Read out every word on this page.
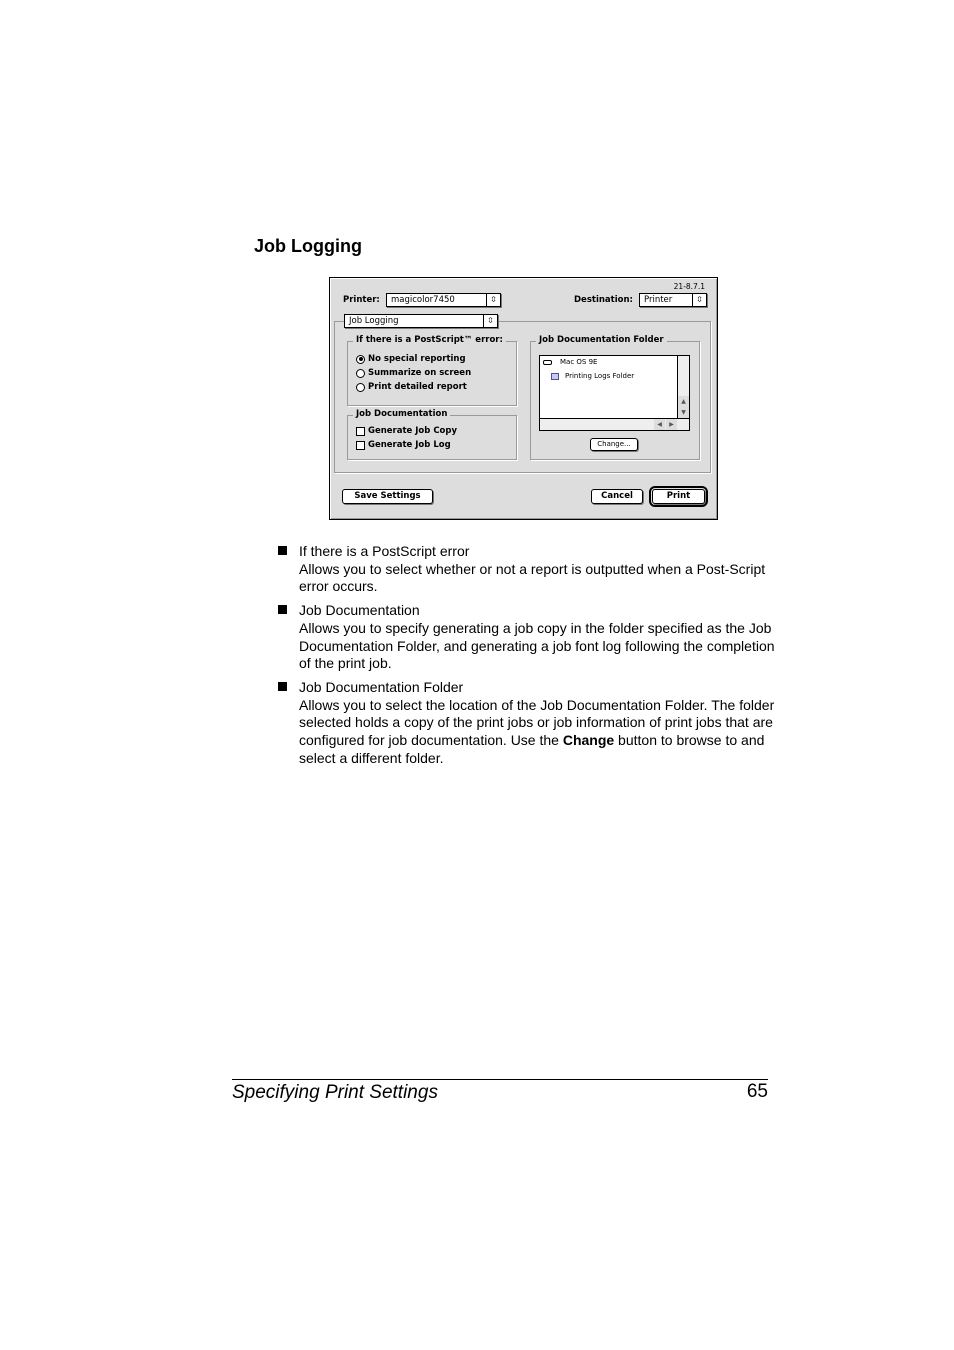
Job Logging
21-8.7.1
Printer:	magicolor7450	⇳	Destination:	Printer	⇳
Job Logging	⇳
If there is a PostScript™ error:
No special reporting
Summarize on screen
Print detailed report
Job Documentation
Generate Job Copy
Generate Job Log
Job Documentation Folder
Mac OS 9E
Printing Logs Folder
▲
▼
◀	▶
Change...
Save Settings	Cancel	Print

If there is a PostScript error

Allows you to select whether or not a report is outputted when a Post-Script error occurs.

Job Documentation

Allows you to specify generating a job copy in the folder specified as the Job Documentation Folder, and generating a job font log following the completion of the print job.

Job Documentation Folder

Allows you to select the location of the Job Documentation Folder. The folder selected holds a copy of the print jobs or job information of print jobs that are configured for job documentation. Use the Change button to browse to and select a different folder.

Specifying Print Settings	65
